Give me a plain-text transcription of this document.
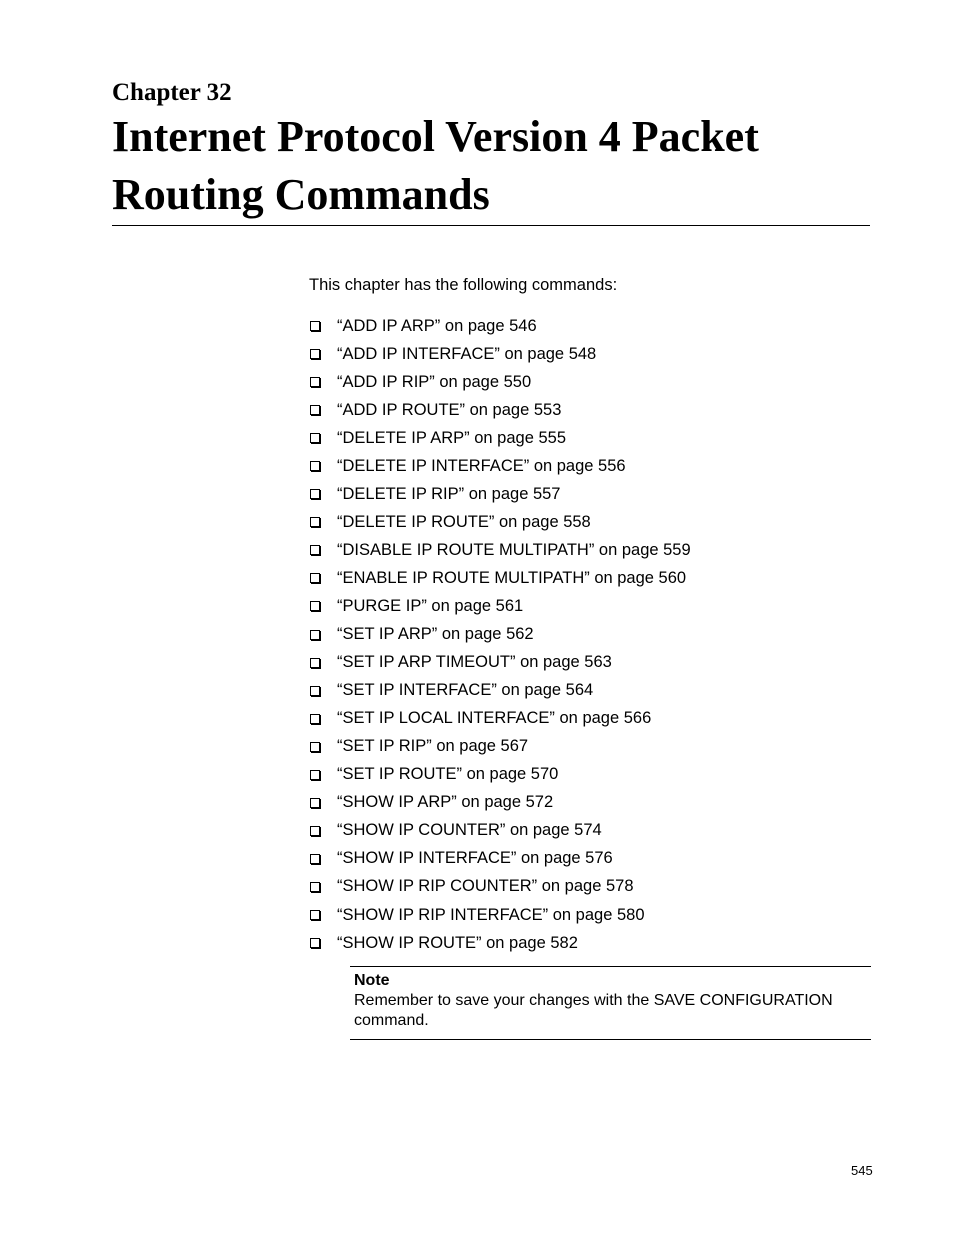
Chapter 32
Internet Protocol Version 4 Packet Routing Commands
This chapter has the following commands:
“ADD IP ARP” on page 546
“ADD IP INTERFACE” on page 548
“ADD IP RIP” on page 550
“ADD IP ROUTE” on page 553
“DELETE IP ARP” on page 555
“DELETE IP INTERFACE” on page 556
“DELETE IP RIP” on page 557
“DELETE IP ROUTE” on page 558
“DISABLE IP ROUTE MULTIPATH” on page 559
“ENABLE IP ROUTE MULTIPATH” on page 560
“PURGE IP” on page 561
“SET IP ARP” on page 562
“SET IP ARP TIMEOUT” on page 563
“SET IP INTERFACE” on page 564
“SET IP LOCAL INTERFACE” on page 566
“SET IP RIP” on page 567
“SET IP ROUTE” on page 570
“SHOW IP ARP” on page 572
“SHOW IP COUNTER” on page 574
“SHOW IP INTERFACE” on page 576
“SHOW IP RIP COUNTER” on page 578
“SHOW IP RIP INTERFACE” on page 580
“SHOW IP ROUTE” on page 582
Note
Remember to save your changes with the SAVE CONFIGURATION command.
545
